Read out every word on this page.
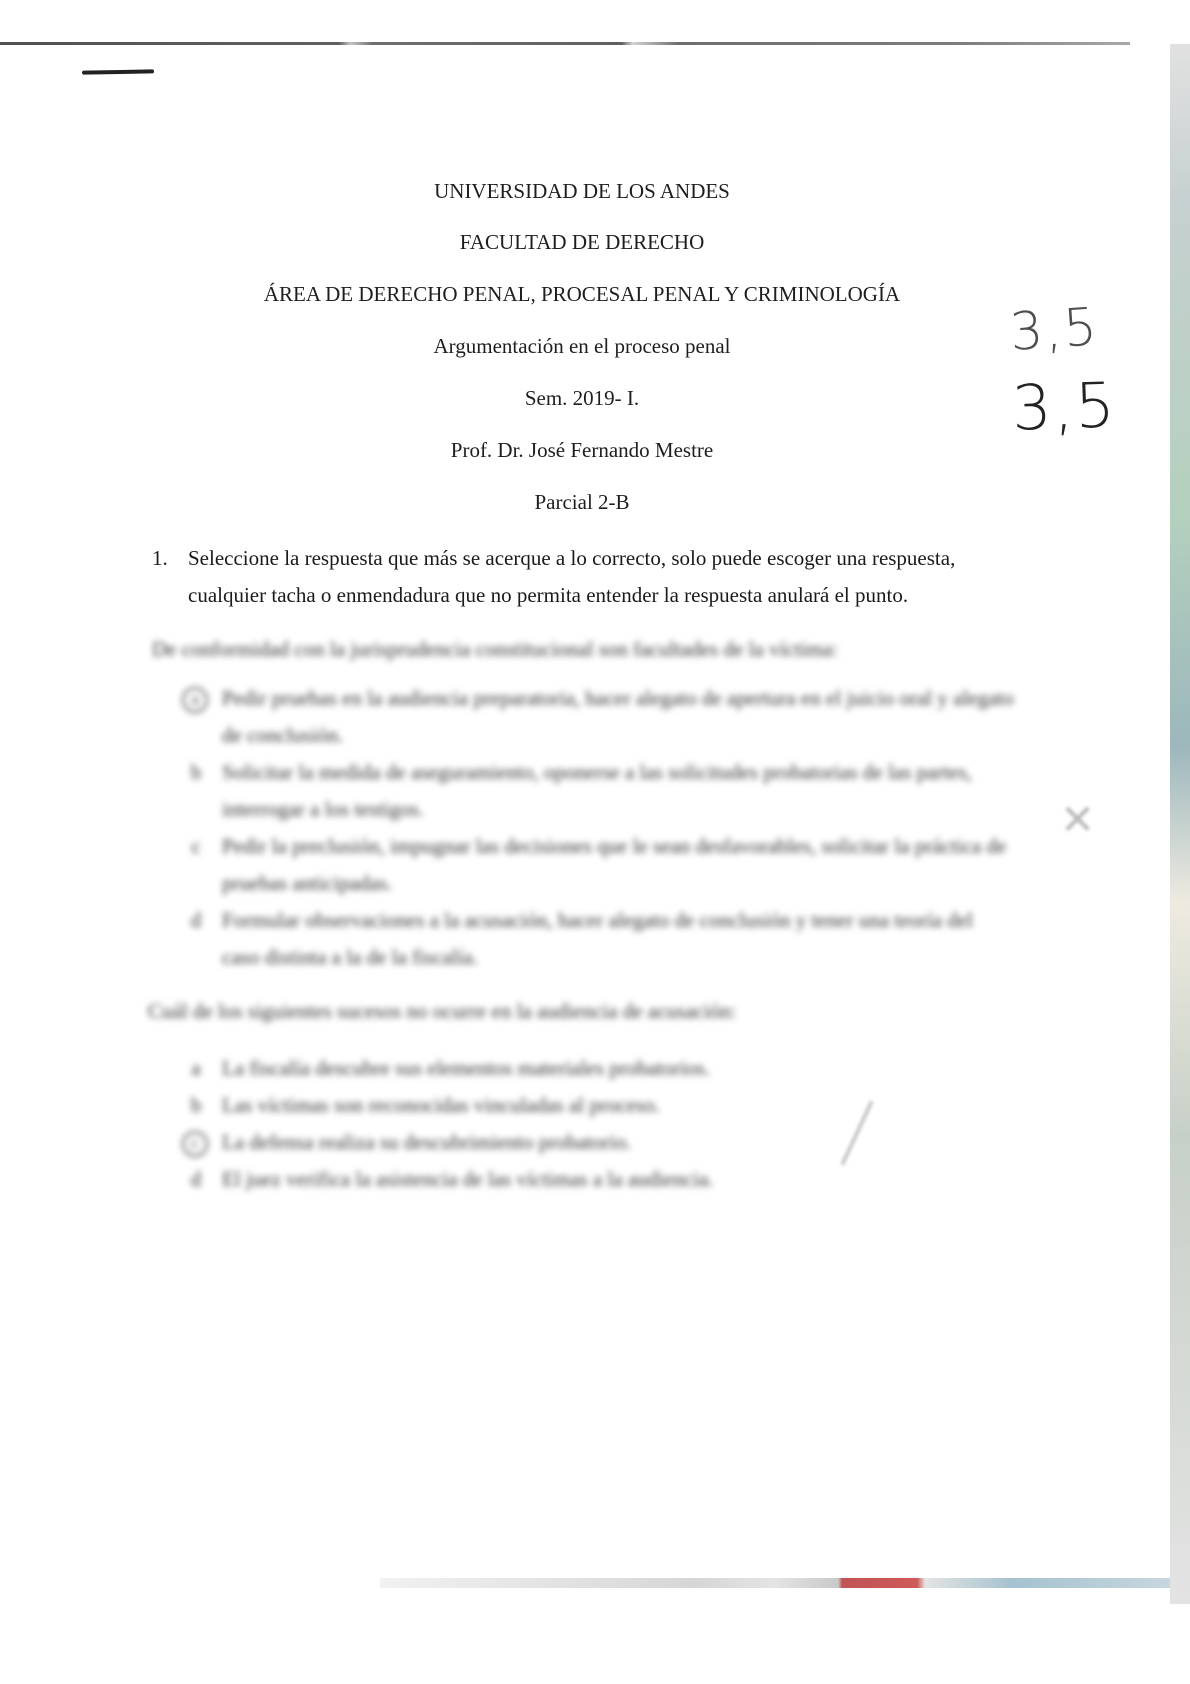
UNIVERSIDAD DE LOS ANDES
FACULTAD DE DERECHO
ÁREA DE DERECHO PENAL, PROCESAL PENAL Y CRIMINOLOGÍA
Argumentación en el proceso penal
Sem. 2019- I.
Prof. Dr. José Fernando Mestre
Parcial 2-B
3,5
3,5
1. Seleccione la respuesta que más se acerque a lo correcto, solo puede escoger una respuesta, cualquier tacha o enmendadura que no permita entender la respuesta anulará el punto.
De conformidad con la jurisprudencia constitucional son facultades de la víctima:
a	Pedir pruebas en la audiencia preparatoria, hacer alegato de apertura en el juicio oral y alegato de conclusión.
b Solicitar la medida de aseguramiento, oponerse a las solicitudes probatorias de las partes, interrogar a los testigos.
c	Pedir la preclusión, impugnar las decisiones que le sean desfavorables, solicitar la práctica de pruebas anticipadas.
d Formular observaciones a la acusación, hacer alegato de conclusión y tener una teoría del caso distinta a la de la fiscalía.
✕
Cuál de los siguientes sucesos no ocurre en la audiencia de acusación:
a	La fiscalía descubre sus elementos materiales probatorios.
b Las víctimas son reconocidas vinculadas al proceso.
c	La defensa realiza su descubrimiento probatorio.
d El juez verifica la asistencia de las víctimas a la audiencia.
